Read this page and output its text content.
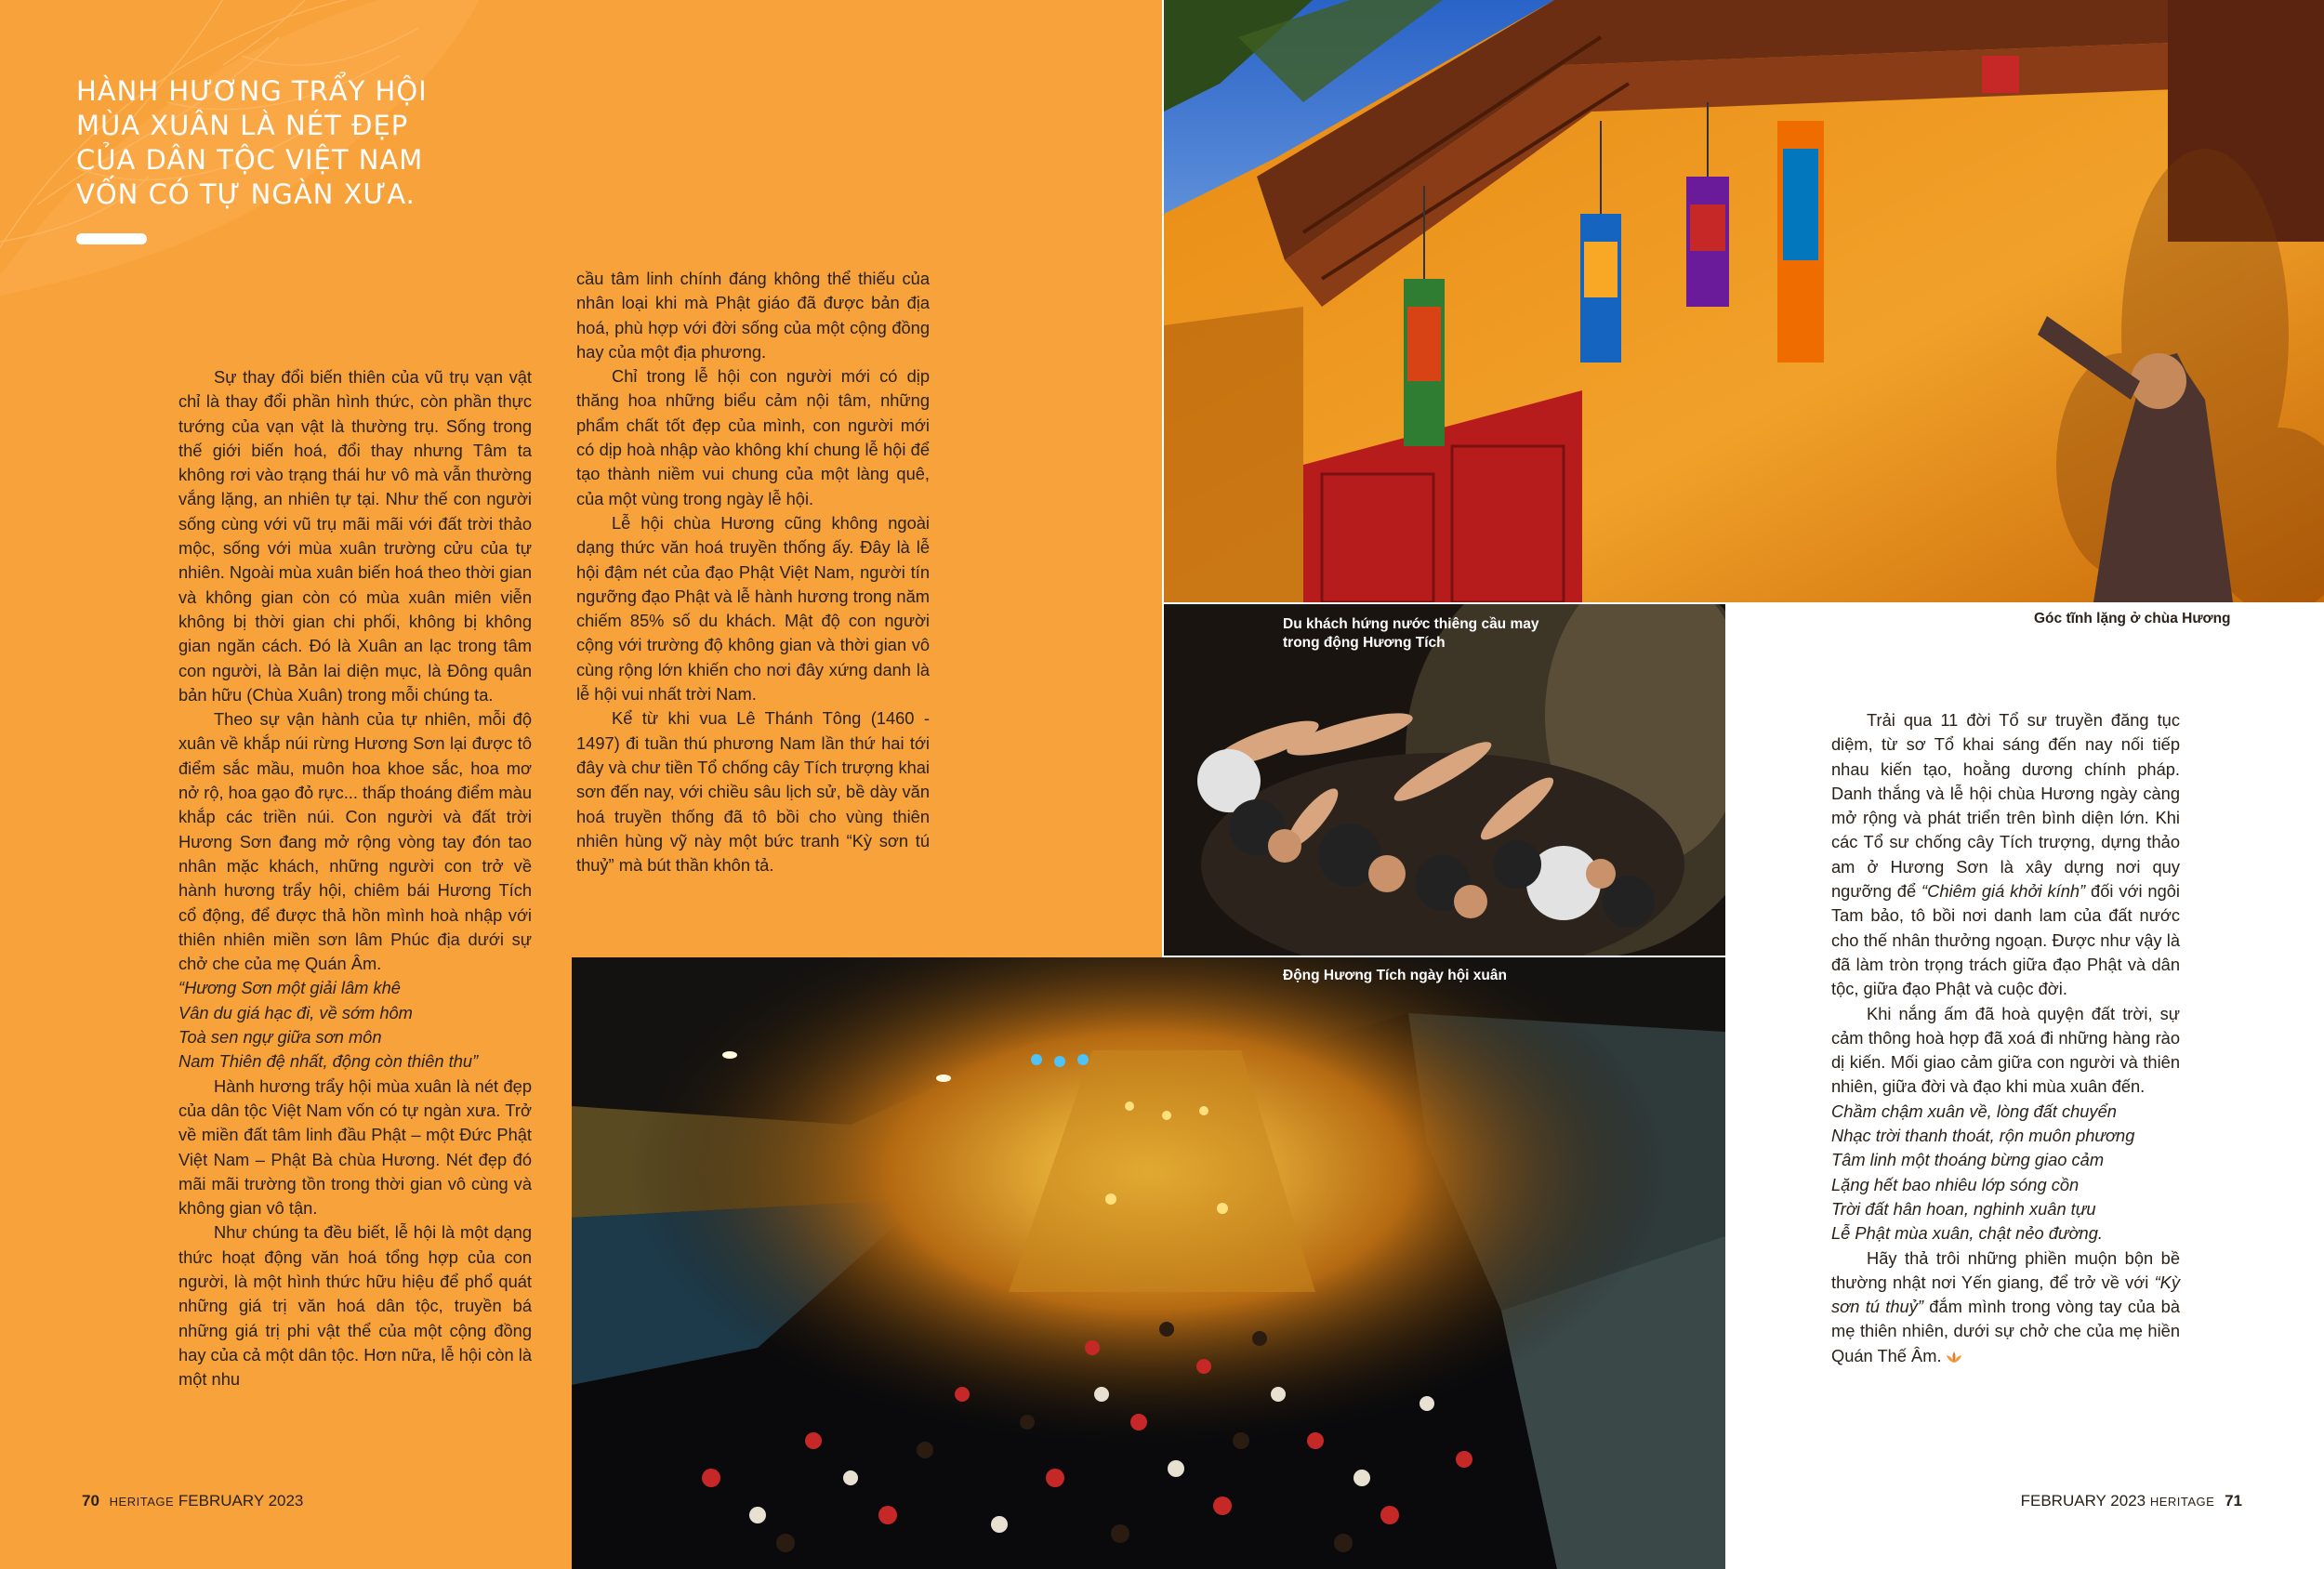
HÀNH HƯƠNG TRẨY HỘI MÙA XUÂN LÀ NÉT ĐẸP CỦA DÂN TỘC VIỆT NAM VỐN CÓ TỰ NGÀN XƯA.

Sự thay đổi biến thiên của vũ trụ vạn vật chỉ là thay đổi phần hình thức, còn phần thực tướng của vạn vật là thường trụ. Sống trong thế giới biến hoá, đổi thay nhưng Tâm ta không rơi vào trạng thái hư vô mà vẫn thường vắng lặng, an nhiên tự tại. Như thế con người sống cùng với vũ trụ mãi mãi với đất trời thảo mộc, sống với mùa xuân trường cửu của tự nhiên. Ngoài mùa xuân biến hoá theo thời gian và không gian còn có mùa xuân miên viễn không bị thời gian chi phối, không bị không gian ngăn cách. Đó là Xuân an lạc trong tâm con người, là Bản lai diện mục, là Đông quân bản hữu (Chùa Xuân) trong mỗi chúng ta.

Theo sự vận hành của tự nhiên, mỗi độ xuân về khắp núi rừng Hương Sơn lại được tô điểm sắc mầu, muôn hoa khoe sắc, hoa mơ nở rộ, hoa gạo đỏ rực... thấp thoáng điểm màu khắp các triền núi. Con người và đất trời Hương Sơn đang mở rộng vòng tay đón tao nhân mặc khách, những người con trở về hành hương trẩy hội, chiêm bái Hương Tích cổ động, để được thả hồn mình hoà nhập với thiên nhiên miền sơn lâm Phúc địa dưới sự chở che của mẹ Quán Âm.

“Hương Sơn một giải lâm khê
Vân du giá hạc đi, về sớm hôm
Toà sen ngự giữa sơn môn
Nam Thiên đệ nhất, động còn thiên thu”

Hành hương trẩy hội mùa xuân là nét đẹp của dân tộc Việt Nam vốn có tự ngàn xưa. Trở về miền đất tâm linh đầu Phật – một Đức Phật Việt Nam – Phật Bà chùa Hương. Nét đẹp đó mãi mãi trường tồn trong thời gian vô cùng và không gian vô tận.

Như chúng ta đều biết, lễ hội là một dạng thức hoạt động văn hoá tổng hợp của con người, là một hình thức hữu hiệu để phổ quát những giá trị văn hoá dân tộc, truyền bá những giá trị phi vật thể của một cộng đồng hay của cả một dân tộc. Hơn nữa, lễ hội còn là một nhu

cầu tâm linh chính đáng không thể thiếu của nhân loại khi mà Phật giáo đã được bản địa hoá, phù hợp với đời sống của một cộng đồng hay của một địa phương.

Chỉ trong lễ hội con người mới có dịp thăng hoa những biểu cảm nội tâm, những phẩm chất tốt đẹp của mình, con người mới có dịp hoà nhập vào không khí chung lễ hội để tạo thành niềm vui chung của một làng quê, của một vùng trong ngày lễ hội.

Lễ hội chùa Hương cũng không ngoài dạng thức văn hoá truyền thống ấy. Đây là lễ hội đậm nét của đạo Phật Việt Nam, người tín ngưỡng đạo Phật và lễ hành hương trong năm chiếm 85% số du khách. Mật độ con người cộng với trường độ không gian và thời gian vô cùng rộng lớn khiến cho nơi đây xứng danh là lễ hội vui nhất trời Nam.

Kể từ khi vua Lê Thánh Tông (1460 - 1497) đi tuần thú phương Nam lần thứ hai tới đây và chư tiền Tổ chống cây Tích trượng khai sơn đến nay, với chiều sâu lịch sử, bề dày văn hoá truyền thống đã tô bồi cho vùng thiên nhiên hùng vỹ này một bức tranh “Kỳ sơn tú thuỷ” mà bút thần khôn tả.

70 HERITAGE FEBRUARY 2023	FEBRUARY 2023 HERITAGE 71
Du khách hứng nước thiêng cầu may trong động Hương Tích
Góc tĩnh lặng ở chùa Hương
Động Hương Tích ngày hội xuân

Trải qua 11 đời Tổ sư truyền đăng tục diệm, từ sơ Tổ khai sáng đến nay nối tiếp nhau kiến tạo, hoằng dương chính pháp. Danh thắng và lễ hội chùa Hương ngày càng mở rộng và phát triển trên bình diện lớn. Khi các Tổ sư chống cây Tích trượng, dựng thảo am ở Hương Sơn là xây dựng nơi quy ngưỡng để “Chiêm giá khởi kính” đối với ngôi Tam bảo, tô bồi nơi danh lam của đất nước cho thế nhân thưởng ngoạn. Được như vậy là đã làm tròn trọng trách giữa đạo Phật và dân tộc, giữa đạo Phật và cuộc đời.

Khi nắng ấm đã hoà quyện đất trời, sự cảm thông hoà hợp đã xoá đi những hàng rào dị kiến. Mối giao cảm giữa con người và thiên nhiên, giữa đời và đạo khi mùa xuân đến.

Chầm chậm xuân về, lòng đất chuyển
Nhạc trời thanh thoát, rộn muôn phương
Tâm linh một thoáng bừng giao cảm
Lặng hết bao nhiêu lớp sóng cồn
Trời đất hân hoan, nghinh xuân tựu
Lễ Phật mùa xuân, chật nẻo đường.

Hãy thả trôi những phiền muộn bộn bề thường nhật nơi Yến giang, để trở về với “Kỳ sơn tú thuỷ” đắm mình trong vòng tay của bà mẹ thiên nhiên, dưới sự chở che của mẹ hiền Quán Thế Âm.
